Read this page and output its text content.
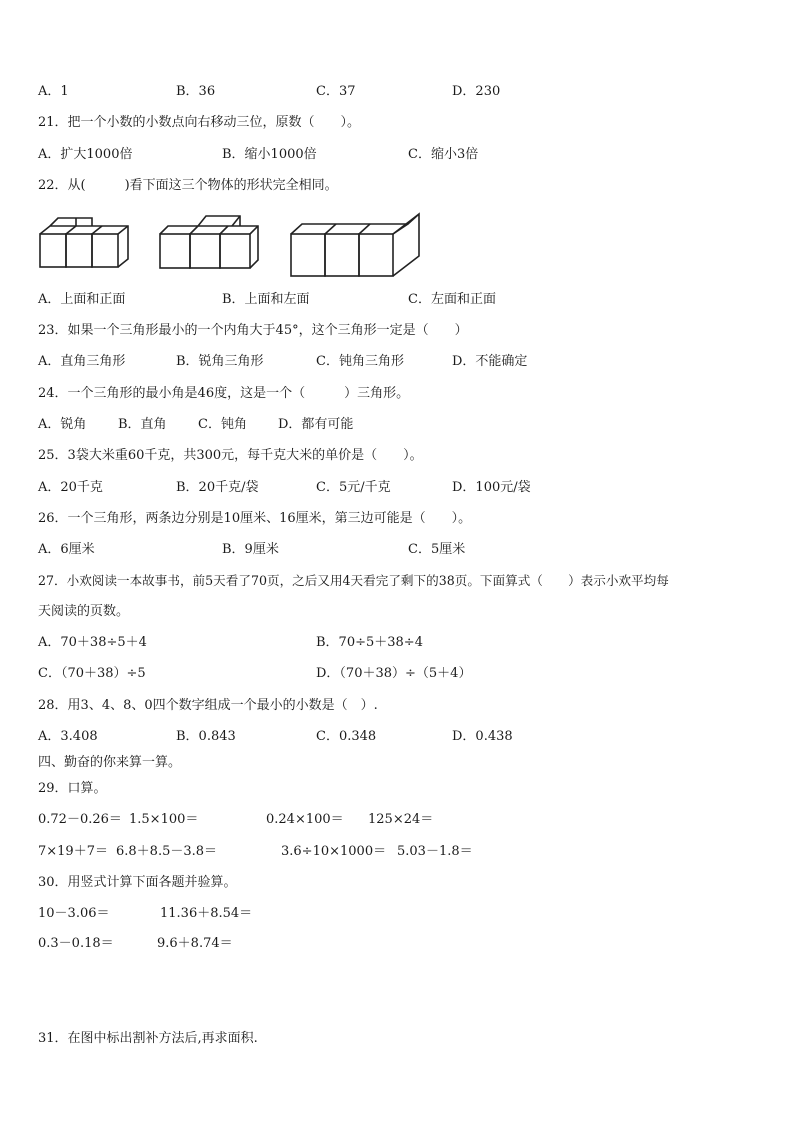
A．1	B．36	C．37	D．230
21．把一个小数的小数点向右移动三位，原数（　　）。
A．扩大1000倍	B．缩小1000倍	C．缩小3倍
22．从(　　　)看下面这三个物体的形状完全相同。
A．上面和正面	B．上面和左面	C．左面和正面
23．如果一个三角形最小的一个内角大于45°，这个三角形一定是（　　）
A．直角三角形	B．锐角三角形	C．钝角三角形	D．不能确定
24．一个三角形的最小角是46度，这是一个（　　　）三角形。
A．锐角 B．直角 C．钝角 D．都有可能
25．3袋大米重60千克，共300元，每千克大米的单价是（　　）。
A．20千克	B．20千克/袋	C．5元/千克	D．100元/袋
26．一个三角形，两条边分别是10厘米、16厘米，第三边可能是（　　）。
A．6厘米	B．9厘米	C．5厘米
27．小欢阅读一本故事书，前5天看了70页，之后又用4天看完了剩下的38页。下面算式（　　）表示小欢平均每
天阅读的页数。
A．70＋38÷5＋4	B．70÷5＋38÷4
C．（70＋38）÷5	D．（70＋38）÷（5＋4）
28．用3、4、8、0四个数字组成一个最小的小数是（　）.
A．3.408	B．0.843	C．0.348	D．0.438
四、勤奋的你来算一算。
29．口算。
0.72－0.26＝ 1.5×100＝	0.24×100＝ 125×24＝
7×19＋7＝ 6.8＋8.5－3.8＝	3.6÷10×1000＝ 5.03－1.8＝
30．用竖式计算下面各题并验算。
10－3.06＝	11.36＋8.54＝
0.3－0.18＝	9.6＋8.74＝
31．在图中标出割补方法后,再求面积.
